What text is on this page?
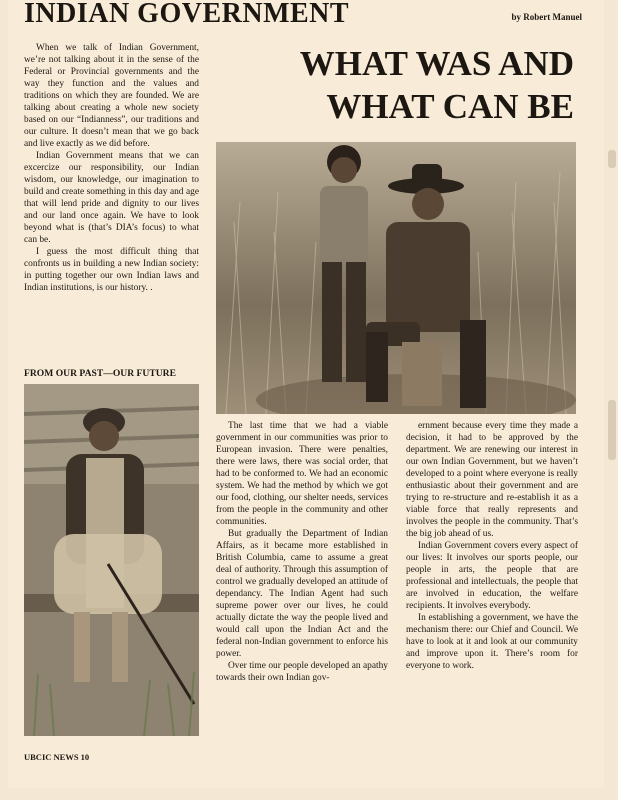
INDIAN GOVERNMENT	by Robert Manuel
WHAT WAS AND
WHAT CAN BE

When we talk of Indian Government, we’re not talking about it in the sense of the Federal or Provincial governments and the way they function and the values and traditions on which they are founded. We are talking about creating a whole new society based on our “Indianness”, our traditions and our culture. It doesn’t mean that we go back and live exactly as we did before.

Indian Government means that we can excercize our responsibility, our Indian wisdom, our knowledge, our imagination to build and create something in this day and age that will lend pride and dignity to our lives and our land once again. We have to look beyond what is (that’s DIA’s focus) to what can be.

I guess the most difficult thing that confronts us in building a new Indian society: in putting together our own Indian laws and Indian institutions, is our history. .

FROM OUR PAST—OUR FUTURE

The last time that we had a viable government in our communities was prior to European invasion. There were penalties, there were laws, there was social order, that had to be conformed to. We had an economic system. We had the method by which we got our food, clothing, our shelter needs, services from the people in the community and other communities.

But gradually the Department of Indian Affairs, as it became more established in British Columbia, came to assume a great deal of authority. Through this assumption of control we gradually developed an attitude of dependancy. The Indian Agent had such supreme power over our lives, he could actually dictate the way the people lived and would call upon the Indian Act and the federal non-Indian government to enforce his power.

Over time our people developed an apathy towards their own Indian gov-

ernment because every time they made a decision, it had to be approved by the department. We are renewing our interest in our own Indian Government, but we haven’t developed to a point where everyone is really enthusiastic about their government and are trying to re-structure and re-establish it as a viable force that really represents and involves the people in the community. That’s the big job ahead of us.

Indian Government covers every aspect of our lives: It involves our sports people, our people in arts, the people that are professional and intellectuals, the people that are involved in education, the welfare recipients. It involves everybody.

In establishing a government, we have the mechanism there: our Chief and Council. We have to look at it and look at our community and improve upon it. There’s room for everyone to work.

UBCIC NEWS 10
